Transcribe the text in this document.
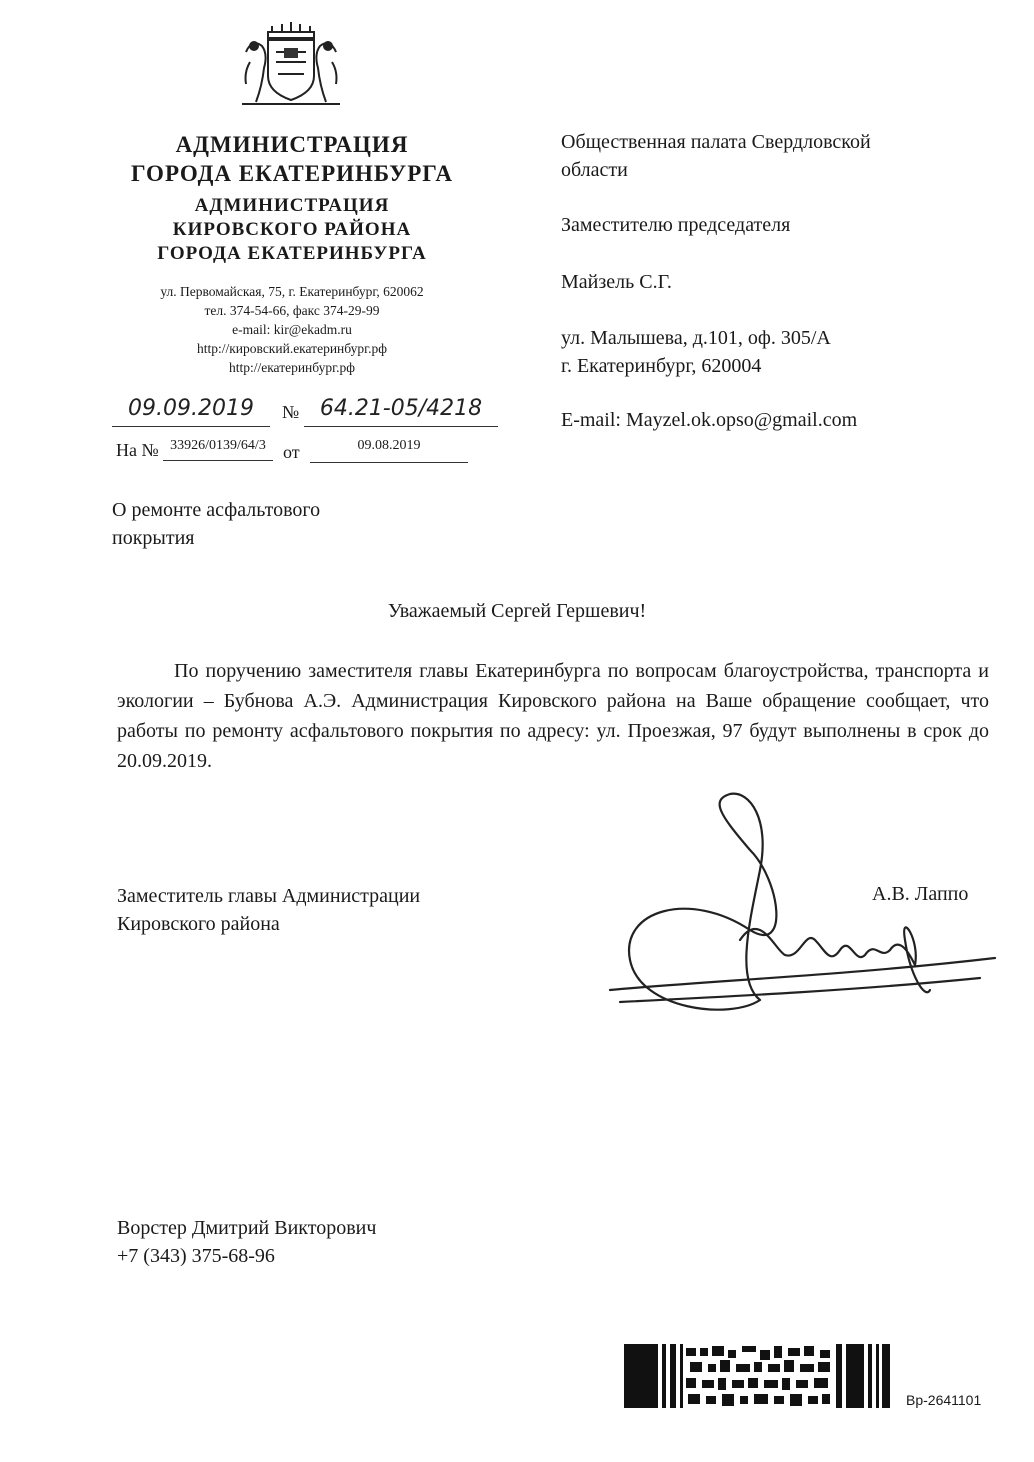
АДМИНИСТРАЦИЯ
ГОРОДА ЕКАТЕРИНБУРГА
АДМИНИСТРАЦИЯ
КИРОВСКОГО РАЙОНА
ГОРОДА ЕКАТЕРИНБУРГА
ул. Первомайская, 75, г. Екатеринбург, 620062
тел. 374-54-66, факс 374-29-99
e-mail: kir@ekadm.ru
http://кировский.екатеринбург.рф
http://екатеринбург.рф
09.09.2019	№ 64.21-05/4218
На № 33926/0139/64/3 от	09.08.2019
Общественная палата Свердловской
области
Заместителю председателя
Майзель С.Г.
ул. Малышева, д.101, оф. 305/А
г. Екатеринбург, 620004
E-mail: Mayzel.ok.opso@gmail.com
О ремонте асфальтового
покрытия
Уважаемый Сергей Гершевич!
По поручению заместителя главы Екатеринбурга по вопросам благоустройства, транспорта и экологии – Бубнова А.Э. Администрация Кировского района на Ваше обращение сообщает, что работы по ремонту асфальтового покрытия по адресу: ул. Проезжая, 97 будут выполнены в срок до 20.09.2019.
Заместитель главы Администрации
Кировского района
А.В. Лаппо
Ворстер Дмитрий Викторович
+7 (343) 375-68-96
Вр-2641101
